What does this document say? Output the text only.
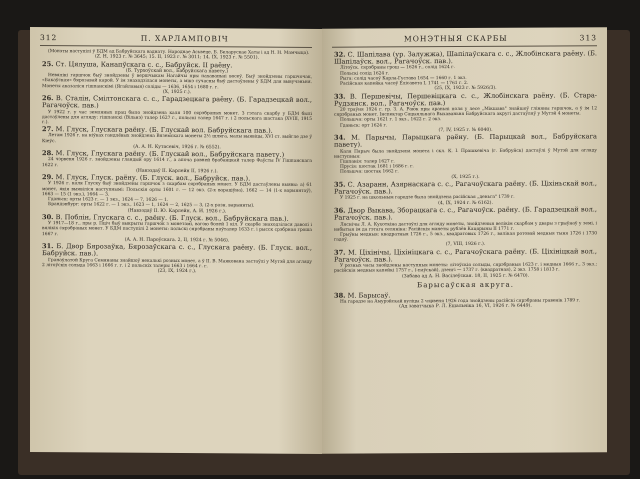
312	П. ХАРЛАМПОВІЧ

(Монэты наступілі ў БДМ ад Бабруйскага ваднату. Народнае Асьвеце, Б. Беларускае Хаты і ад Н. Н. Мамчыца).

(Z. Н, 1923 г. № 3645; 15. II, 1923 г. № 3011; 14. IX, 1923 г. № 5501).

25. Ст. Цялуша, Канапўскага с. с., Бабруйск. II раёну.

(Б. Турхоўскай вол., Бабруйскага павету.)

Невялікі гаршчок быў знойдзены ў вершчыкам Нагайчы пры пахаваньні восеў. Быў знойдзены гаршчочак, «Бакаўская» бярозавай карой. У ім знаходзілася монеты, а мікэ сучасны быў дастаўлены ў БДМ для вывучэньня. Монеты аказаліся гішпанскімі (Ягайлавыя) соліды — 1636, 1654 і 1680 г. г.

(Х, 1925 г.).

26. В. Сталін, Смілтонскага с. с., Гарадзецкага раёну. (Б. Гарадзецкай вол., Рагачоўск. пав.)

У 1922 г. у час земляных прац было знойдзена каля 100 сярэбраных монет. З гэтага скарбу у БДМ былі дастаўлены для агляду: гішпанскі (Вільнэ) талер 1627 г., польскі талер 1647 г. і 2 польскага шастака (XVIII, 1915 г.).

27. М. Глуск, Глускага раёну. (Б. Глускай вол. Бабруйскага пав.).

Летам 1926 г. на ніўках гандлёвых знойдзена Вяземскага монеты 2½ шляга, малы выявіцы, XVI ст. выйгле дзе ў Кіеўс.

(А. А. Н. Кутасевіч, 1926 г. № 6552).

28. М. Глуск, Глускага раёну. (Б. Глускай вол., Бабруйскага павету.)

24 чэрвеня 1926 г. знойдзены гландый ору 1614 г., а апоча равней брабанцкай талер Фаўсты IV Гішпанскага 1622 г.

(Навэздаў II. Карлейн II, 1926 г.).

29. М. Глуск, Глуск. раёну. (Б. Глуск. вол., Бабруйск. пав.).

У 1926 г. каля Глуску быў знойдзены гаршчок з скарбам сярэбраных монет. У БДМ дастаўлены выявы: а) 61 монет, якія выявіліся наступнымі: Польскія орты 1601 г. — 12 экз. (2-х вараціўна), 1662 — 14 (1-х варыянтаў), 1663 — 15 (1 экз.), 1664 — 3.

Гданьск: орты 1623 г. — 1 экз., 1624 — 7, 1626 — 1.

Брандэнбург: орты 1622 г. — 1 экз., 1623 — 1, 1624 — 2, 1625 — 3, (2-х разн. варыянты).

(Навэздаў II. Ю. Карлейн, А. И. 1926 г.).

30. В. Поблін, Глускага с. с., раёну. (Б. Глуск. вол., Бабруйскага пав.).

У 1917—18 г., пры р. Пціч быў выкрыты гаршчок з монетамі, вагою болей 1 кіл. У скарбе знаходзілася даволі і вялікіх сярэбраных монет. У БДМ паступілі 2 монеты: польскі сярэбраны паўталер 1633 г. і рысск срэбрная гроша 1667 г.

(А. А. Н. Пароўскага. 2, II, 1924 г. № 5046).

31. Б. Двор Бярозаўка, Бярозаўскага с. с., Глускага раёну. (Б. Глуск. вол., Бабруйск. пав.).

Гранаўлатой Круга Семянаны знайшоў некалькі розных монет, а ў II. В. Маякована застаўлі у Мутэй для агляду 2 літоўскіх солыда 1663 і 1666 г. г. і 2 польскіх талеры 1663 і 1664 г. г.

(23, IX, 1924 г.).

МОНЭТНЫЯ СКАРБЫ	313

32. С. Шапілава (ур. Залужжа), Шапілаўскага с. с., Жлобінскага раёну. (Б. Шапілаўск. вол., Рагачоўск. пав.).

Літоўск. сярэбраны грош — 1626 г., солід 1624 г.

Польскі солід 1624 г.

Рыга: солід часоў Карла-Густава 1654 — 1660 г. 1 экз.

Расійская капейка часоў Елісавета I, 1741 — 1761 г. 2.

(25, IX, 1923 г. № 5926/3).

33. В. Першевічы, Першевіцкага с. с., Жлобінскага раёну. (Б. Стара-Рудзянск. вол., Рагачоўск. пав.)

20 траўня 1924 г. гр. З. А. Раюк пры араньні поля у лесе „Мікшава" знайшоў гліняны гаршчок, а ў ім 12 сярэбраных монет. Інспектар Сацыяльнага Выхаваньня Бабруйскага акругі дастаўляў у Мутэй 4 монеты.

Польшча: орты 1621 г. 1 экз., 1622 г. 2 экз.

Гданьск: орт 1624 г.

(7, IV, 1925 г. № 6040).

34. М. Парычы, Парыцкага раёну. (Б. Парыцкай вол., Бабруйскага павету).

Каля Парыч была знойдзена монета і скл. К. І. Прашкевіча (г. Бабруйск) дастаўлі ў Мутэй для агляду наступныя:

Гішпанія: талер 1627 г.

Прусія: шостак 1681 і 1686 г. г.

Польшча: шостак 1662 г.

(X, 1925 г.).

35. С. Азаранн, Азярнаскага с. с., Рагачоўскага раёну. (Б. Ціхіньскай вол., Рагачоўск. пав.).

У 1925 г. на школьным гародзе была знойдзена расійская „деньга" 1739 г.

(4, IX, 1924 г. № 6162).

36. Двор Выкава, Зборацкага с. с., Рагачоўск. раёну. (Б. Гарадзецкай вол., Рагачоўск. пав.).

Ляснічы Л. А. Кухоткіна дастаўлі для агляду монеты, знойдзеныя велікім скарбам у двары з грыўнаў у земі, і набытыя ім да гэтага селяніна: Расійскія манеты рублёв Кацярыны II 1771 г.

Грыўны медныя: квадратныя 1726 г., 5 экз., квадратовых 1726 г., вялікая ротовай медныя тыня 1726 і 1730 гадоў.

(7, VIII, 1926 г.).

37. М. Ціхінічы, Ціхініцкага с. с., Рагачоўскага раёну. (Б. Ціхініцкай вол., Рагачоўск. пав.).

У розных часы знойдзены наступныя монеты: літоўскія солыды, сярэбраныя 1623 г. і медныя 1666 г., 3 экз.; расійскія медныя капейкі 1757 г., (-паўскай), дзенгі — 1737 г. (квадратная), 2 экз. 1758 і 1813 г.

(Забава ад А. Н. Васілеўская. 18, II, 1925 г. № 6470).

Барысаўская акруга.

38. М. Барысаў.

На гародзе на Амурэйскай вуліцы 2 чэрвеня 1926 года знойдзены расійскі сярэбраны гравенік 1789 г.

(Ад заватчыка Р. Л. Ешальніка 16, VI, 1926 г. № 6449).
